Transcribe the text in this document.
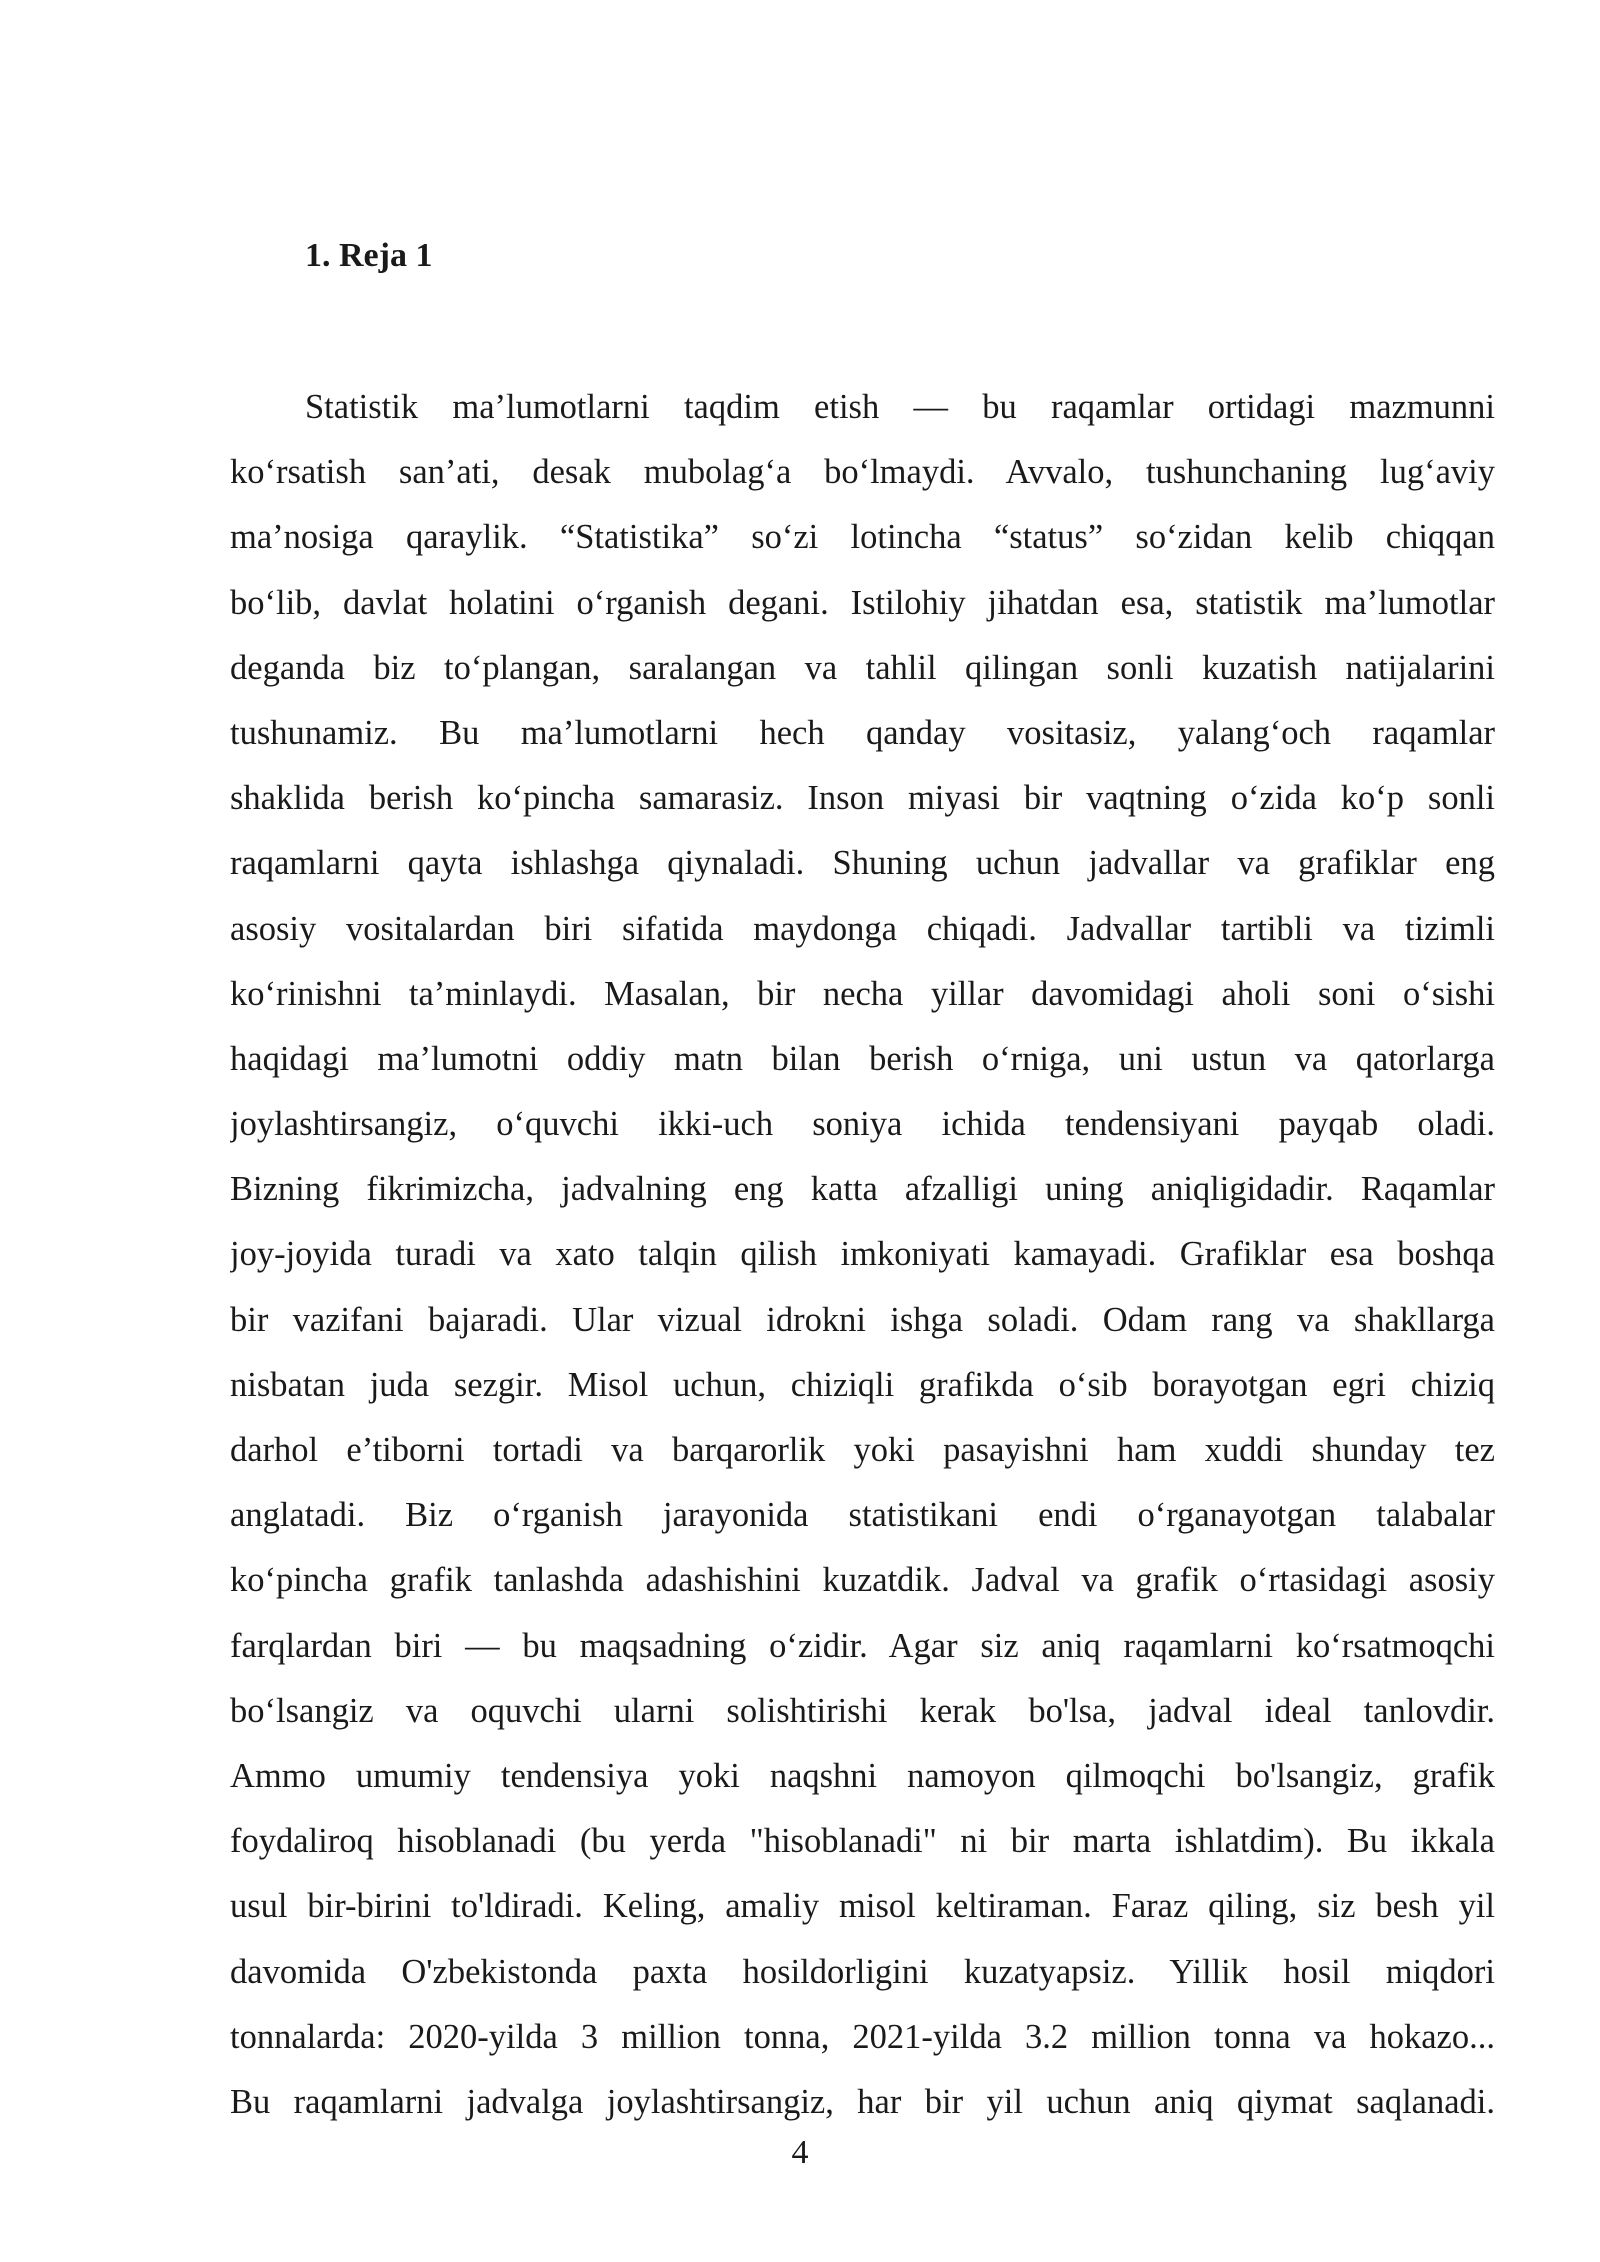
1. Reja 1
Statistik ma’lumotlarni taqdim etish — bu raqamlar ortidagi mazmunni
ko‘rsatish san’ati, desak mubolag‘a bo‘lmaydi. Avvalo, tushunchaning lug‘aviy
ma’nosiga qaraylik. “Statistika” so‘zi lotincha “status” so‘zidan kelib chiqqan
bo‘lib, davlat holatini o‘rganish degani. Istilohiy jihatdan esa, statistik ma’lumotlar
deganda biz to‘plangan, saralangan va tahlil qilingan sonli kuzatish natijalarini
tushunamiz. Bu ma’lumotlarni hech qanday vositasiz, yalang‘och raqamlar
shaklida berish ko‘pincha samarasiz. Inson miyasi bir vaqtning o‘zida ko‘p sonli
raqamlarni qayta ishlashga qiynaladi. Shuning uchun jadvallar va grafiklar eng
asosiy vositalardan biri sifatida maydonga chiqadi. Jadvallar tartibli va tizimli
ko‘rinishni ta’minlaydi. Masalan, bir necha yillar davomidagi aholi soni o‘sishi
haqidagi ma’lumotni oddiy matn bilan berish o‘rniga, uni ustun va qatorlarga
joylashtirsangiz, o‘quvchi ikki-uch soniya ichida tendensiyani payqab oladi.
Bizning fikrimizcha, jadvalning eng katta afzalligi uning aniqligidadir. Raqamlar
joy-joyida turadi va xato talqin qilish imkoniyati kamayadi. Grafiklar esa boshqa
bir vazifani bajaradi. Ular vizual idrokni ishga soladi. Odam rang va shakllarga
nisbatan juda sezgir. Misol uchun, chiziqli grafikda o‘sib borayotgan egri chiziq
darhol e’tiborni tortadi va barqarorlik yoki pasayishni ham xuddi shunday tez
anglatadi. Biz o‘rganish jarayonida statistikani endi o‘rganayotgan talabalar
ko‘pincha grafik tanlashda adashishini kuzatdik. Jadval va grafik o‘rtasidagi asosiy
farqlardan biri — bu maqsadning o‘zidir. Agar siz aniq raqamlarni ko‘rsatmoqchi
bo‘lsangiz va oquvchi ularni solishtirishi kerak bo'lsa, jadval ideal tanlovdir.
Ammo umumiy tendensiya yoki naqshni namoyon qilmoqchi bo'lsangiz, grafik
foydaliroq hisoblanadi (bu yerda "hisoblanadi" ni bir marta ishlatdim). Bu ikkala
usul bir-birini to'ldiradi. Keling, amaliy misol keltiraman. Faraz qiling, siz besh yil
davomida O'zbekistonda paxta hosildorligini kuzatyapsiz. Yillik hosil miqdori
tonnalarda: 2020-yilda 3 million tonna, 2021-yilda 3.2 million tonna va hokazo...
Bu raqamlarni jadvalga joylashtirsangiz, har bir yil uchun aniq qiymat saqlanadi.
4
